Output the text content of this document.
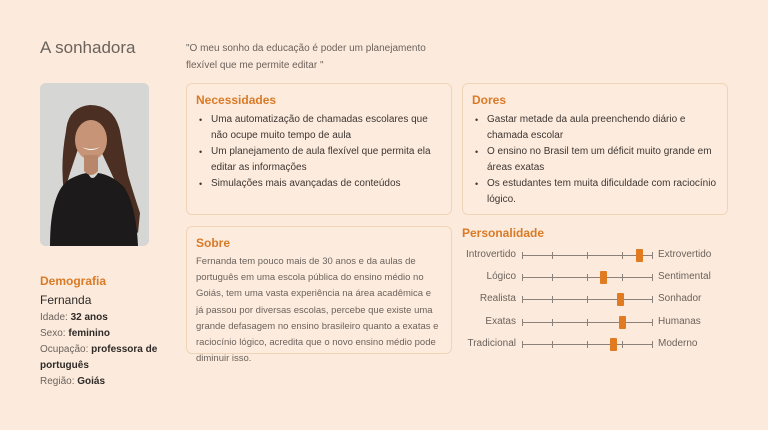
A sonhadora	"O meu sonho da educação é poder um planejamento flexível que me permite editar "
Demografia
Fernanda
Idade: 32 anos
Sexo: feminino
Ocupação: professora de português
Região: Goiás
Necessidades
• Uma automatização de chamadas escolares que não ocupe muito tempo de aula
• Um planejamento de aula flexível que permita ela editar as informações
• Simulações mais avançadas de conteúdos
Dores
• Gastar metade da aula preenchendo diário e chamada escolar
• O ensino no Brasil tem um déficit muito grande em áreas exatas
• Os estudantes tem muita dificuldade com raciocínio lógico.
Sobre
Fernanda tem pouco mais de 30 anos e da aulas de português em uma escola pública do ensino médio no Goiás, tem uma vasta experiência na área acadêmica e já passou por diversas escolas, percebe que existe uma grande defasagem no ensino brasileiro quanto a exatas e raciocínio lógico, acredita que o novo ensino médio pode diminuir isso.
Personalidade
Introvertido	Extrovertido
Lógico	Sentimental
Realista	Sonhador
Exatas	Humanas
Tradicional	Moderno
